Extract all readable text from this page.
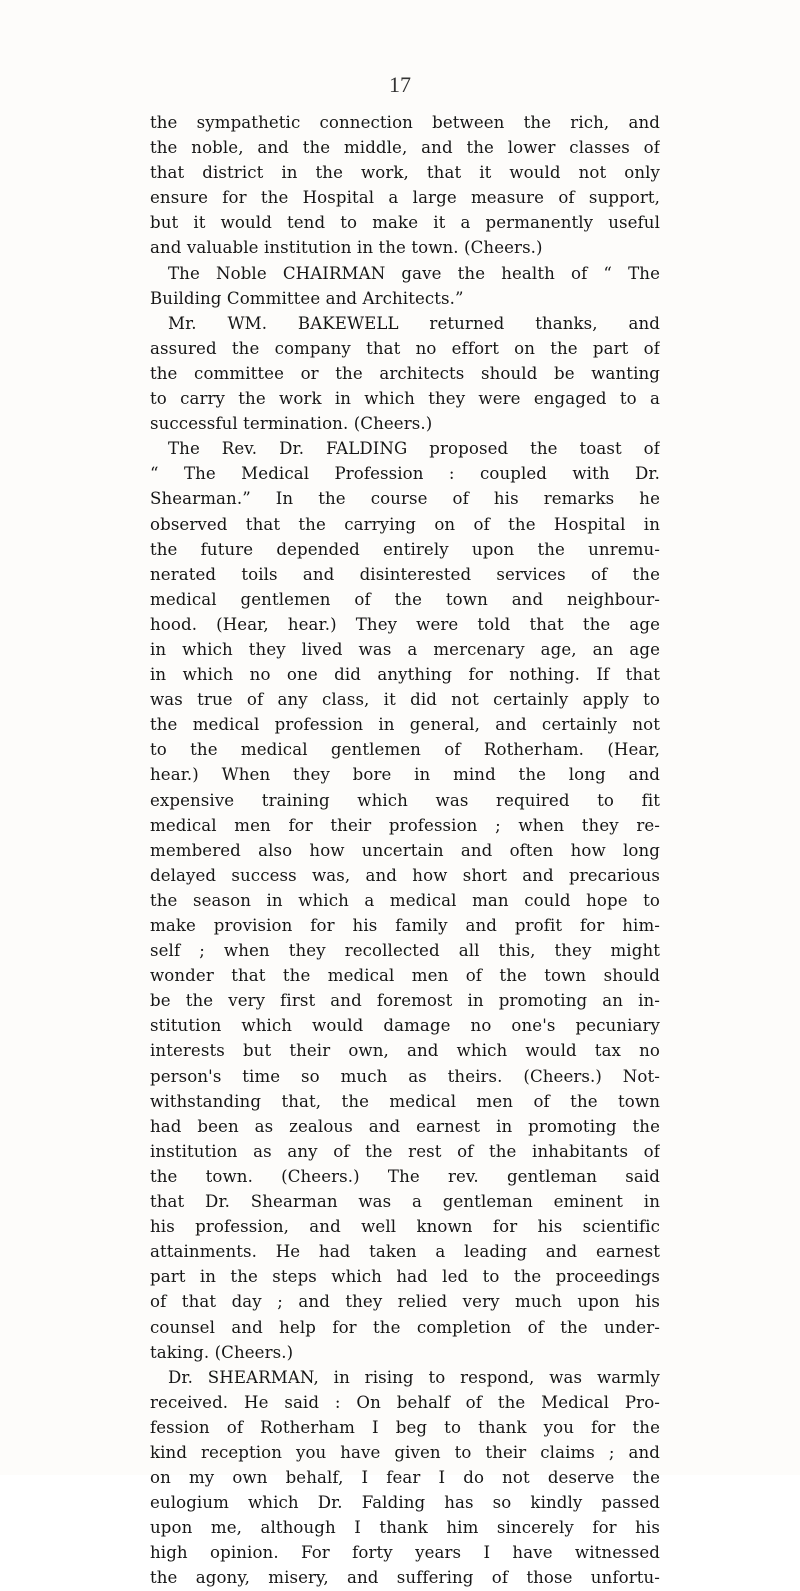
17
the sympathetic connection between the rich, and
the noble, and the middle, and the lower classes of
that district in the work, that it would not only
ensure for the Hospital a large measure of support,
but it would tend to make it a permanently useful
and valuable institution in the town. (Cheers.)
The Noble CHAIRMAN gave the health of “ The
Building Committee and Architects.”
Mr. WM. BAKEWELL returned thanks, and
assured the company that no effort on the part of
the committee or the architects should be wanting
to carry the work in which they were engaged to a
successful termination. (Cheers.)
The Rev. Dr. FALDING proposed the toast of
“ The Medical Profession : coupled with Dr.
Shearman.” In the course of his remarks he
observed that the carrying on of the Hospital in
the future depended entirely upon the unremu-
nerated toils and disinterested services of the
medical gentlemen of the town and neighbour-
hood. (Hear, hear.) They were told that the age
in which they lived was a mercenary age, an age
in which no one did anything for nothing. If that
was true of any class, it did not certainly apply to
the medical profession in general, and certainly not
to the medical gentlemen of Rotherham. (Hear,
hear.) When they bore in mind the long and
expensive training which was required to fit
medical men for their profession ; when they re-
membered also how uncertain and often how long
delayed success was, and how short and precarious
the season in which a medical man could hope to
make provision for his family and profit for him-
self ; when they recollected all this, they might
wonder that the medical men of the town should
be the very first and foremost in promoting an in-
stitution which would damage no one's pecuniary
interests but their own, and which would tax no
person's time so much as theirs. (Cheers.) Not-
withstanding that, the medical men of the town
had been as zealous and earnest in promoting the
institution as any of the rest of the inhabitants of
the town. (Cheers.) The rev. gentleman said
that Dr. Shearman was a gentleman eminent in
his profession, and well known for his scientific
attainments. He had taken a leading and earnest
part in the steps which had led to the proceedings
of that day ; and they relied very much upon his
counsel and help for the completion of the under-
taking. (Cheers.)
Dr. SHEARMAN, in rising to respond, was warmly
received. He said : On behalf of the Medical Pro-
fession of Rotherham I beg to thank you for the
kind reception you have given to their claims ; and
on my own behalf, I fear I do not deserve the
eulogium which Dr. Falding has so kindly passed
upon me, although I thank him sincerely for his
high opinion. For forty years I have witnessed
the agony, misery, and suffering of those unfortu-
